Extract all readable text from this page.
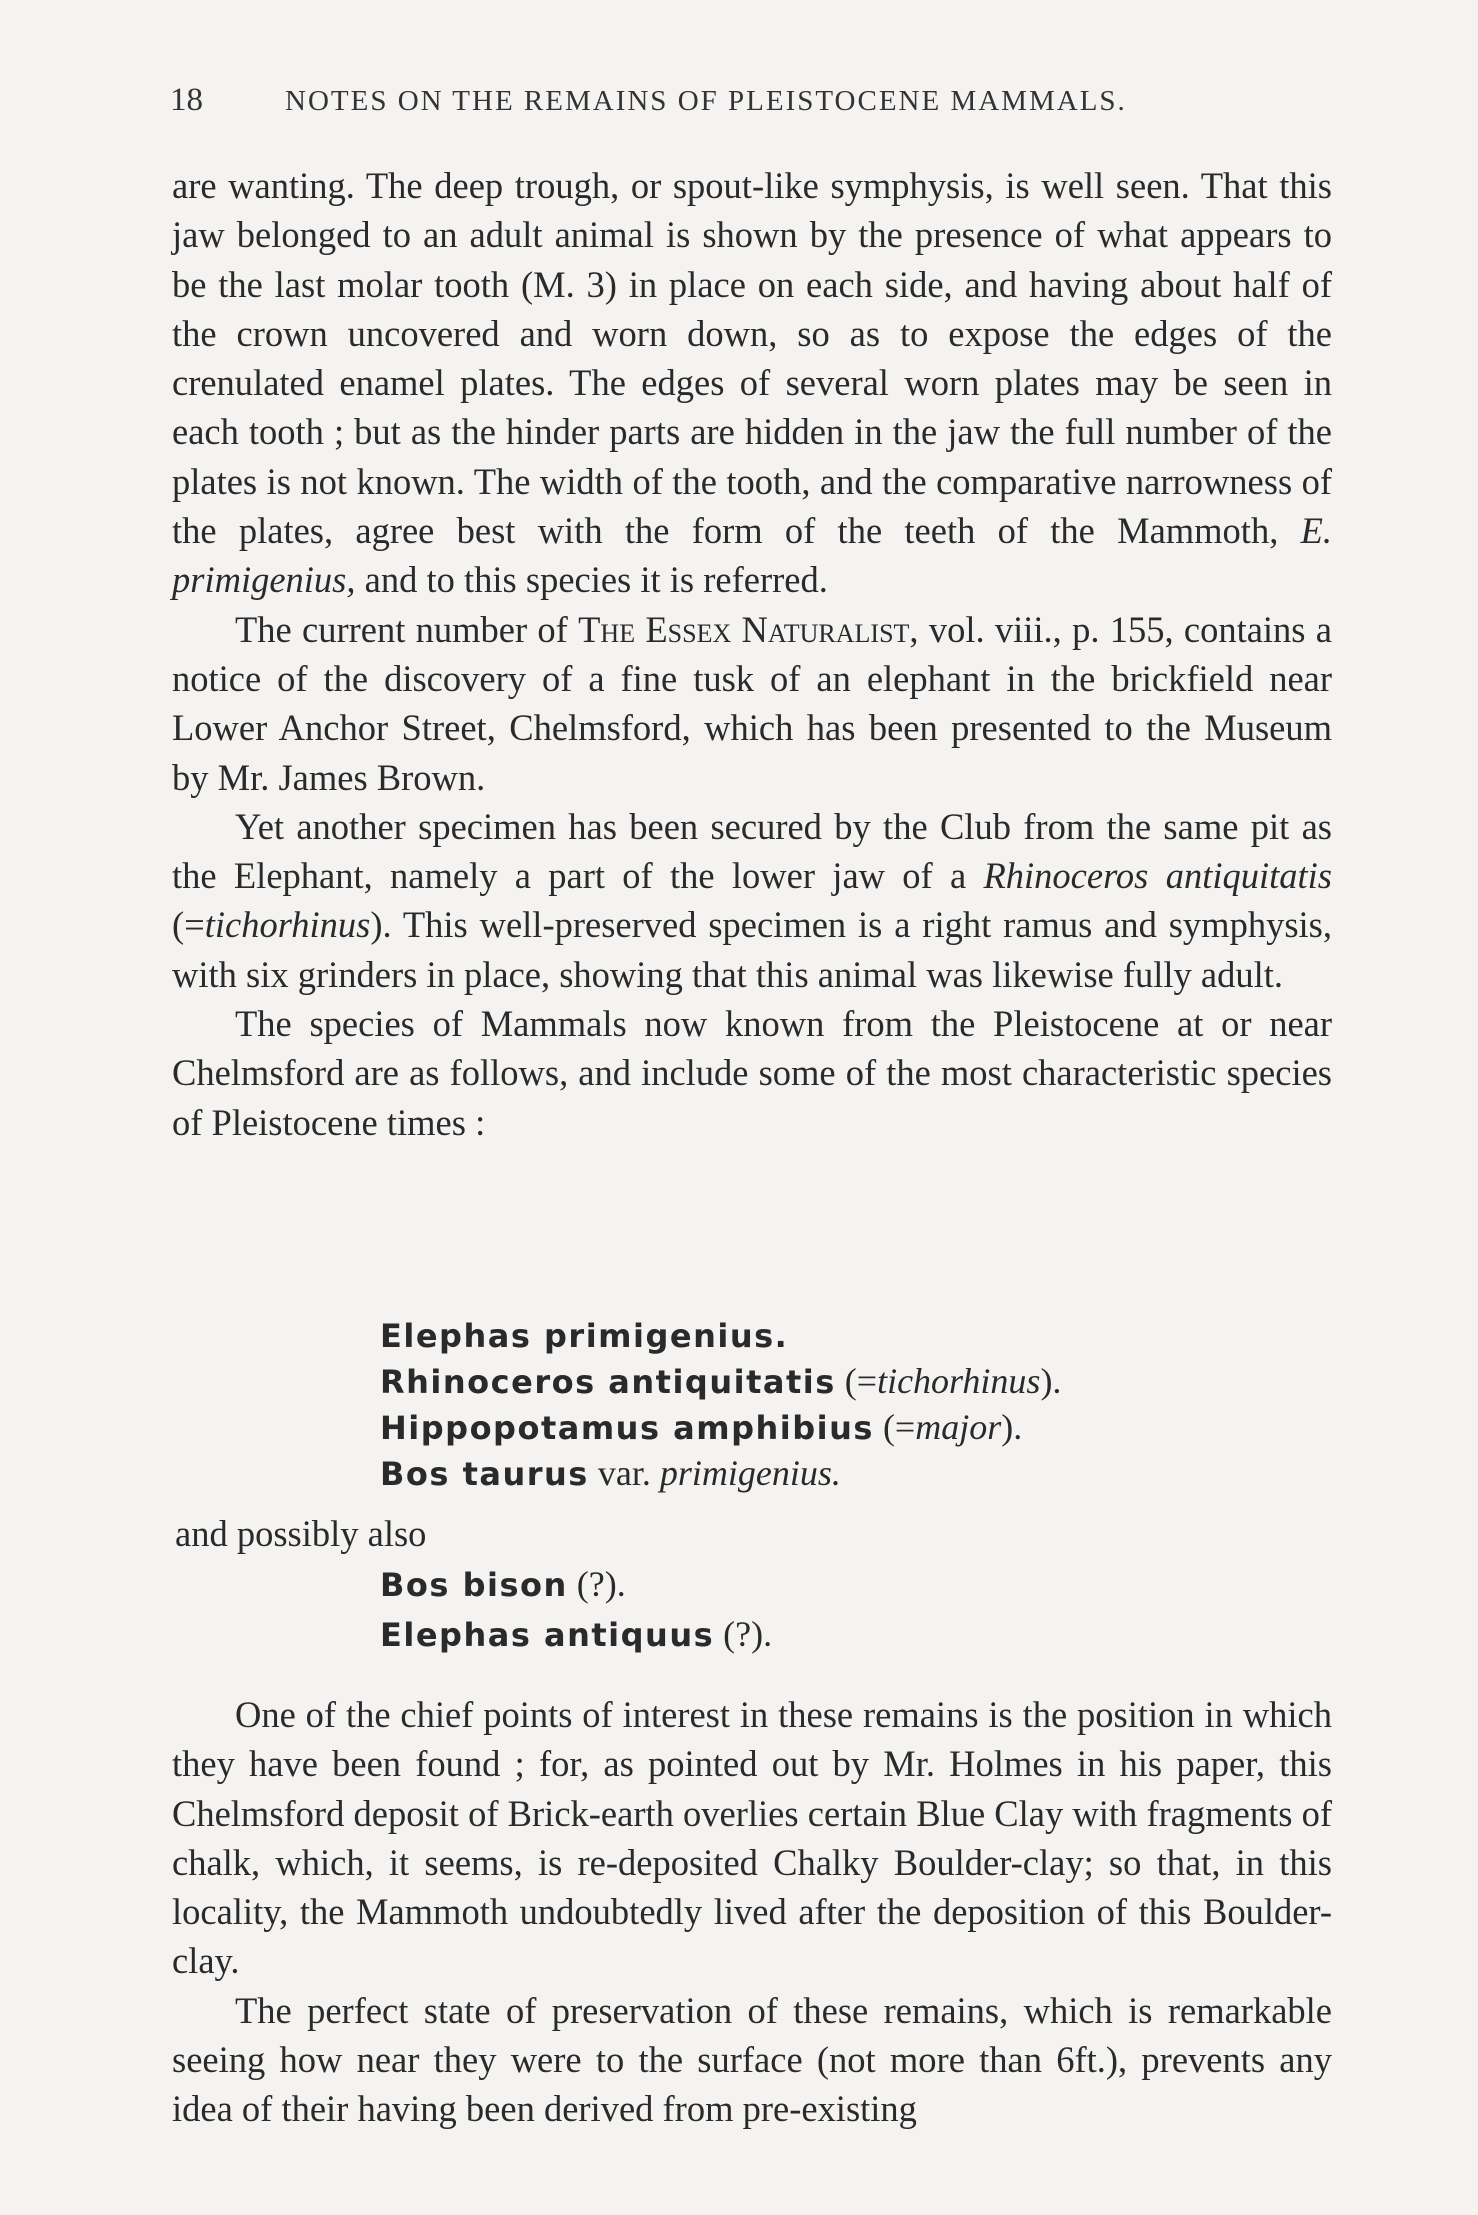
18	NOTES ON THE REMAINS OF PLEISTOCENE MAMMALS.

are wanting. The deep trough, or spout-like symphysis, is well seen. That this jaw belonged to an adult animal is shown by the presence of what appears to be the last molar tooth (M. 3) in place on each side, and having about half of the crown uncovered and worn down, so as to expose the edges of the crenulated enamel plates. The edges of several worn plates may be seen in each tooth ; but as the hinder parts are hidden in the jaw the full number of the plates is not known. The width of the tooth, and the comparative narrowness of the plates, agree best with the form of the teeth of the Mammoth, E. primigenius, and to this species it is referred.

The current number of The Essex Naturalist, vol. viii., p. 155, contains a notice of the discovery of a fine tusk of an elephant in the brickfield near Lower Anchor Street, Chelmsford, which has been presented to the Museum by Mr. James Brown.

Yet another specimen has been secured by the Club from the same pit as the Elephant, namely a part of the lower jaw of a Rhinoceros antiquitatis (=tichorhinus). This well-preserved specimen is a right ramus and symphysis, with six grinders in place, showing that this animal was likewise fully adult.

The species of Mammals now known from the Pleistocene at or near Chelmsford are as follows, and include some of the most characteristic species of Pleistocene times :

Elephas primigenius.
Rhinoceros antiquitatis (=tichorhinus).
Hippopotamus amphibius (=major).
Bos taurus var. primigenius.
and possibly also
Bos bison (?).
Elephas antiquus (?).

One of the chief points of interest in these remains is the position in which they have been found ; for, as pointed out by Mr. Holmes in his paper, this Chelmsford deposit of Brick-earth overlies certain Blue Clay with fragments of chalk, which, it seems, is re-deposited Chalky Boulder-clay; so that, in this locality, the Mammoth undoubtedly lived after the deposition of this Boulder-clay.

The perfect state of preservation of these remains, which is remarkable seeing how near they were to the surface (not more than 6ft.), prevents any idea of their having been derived from pre-existing
